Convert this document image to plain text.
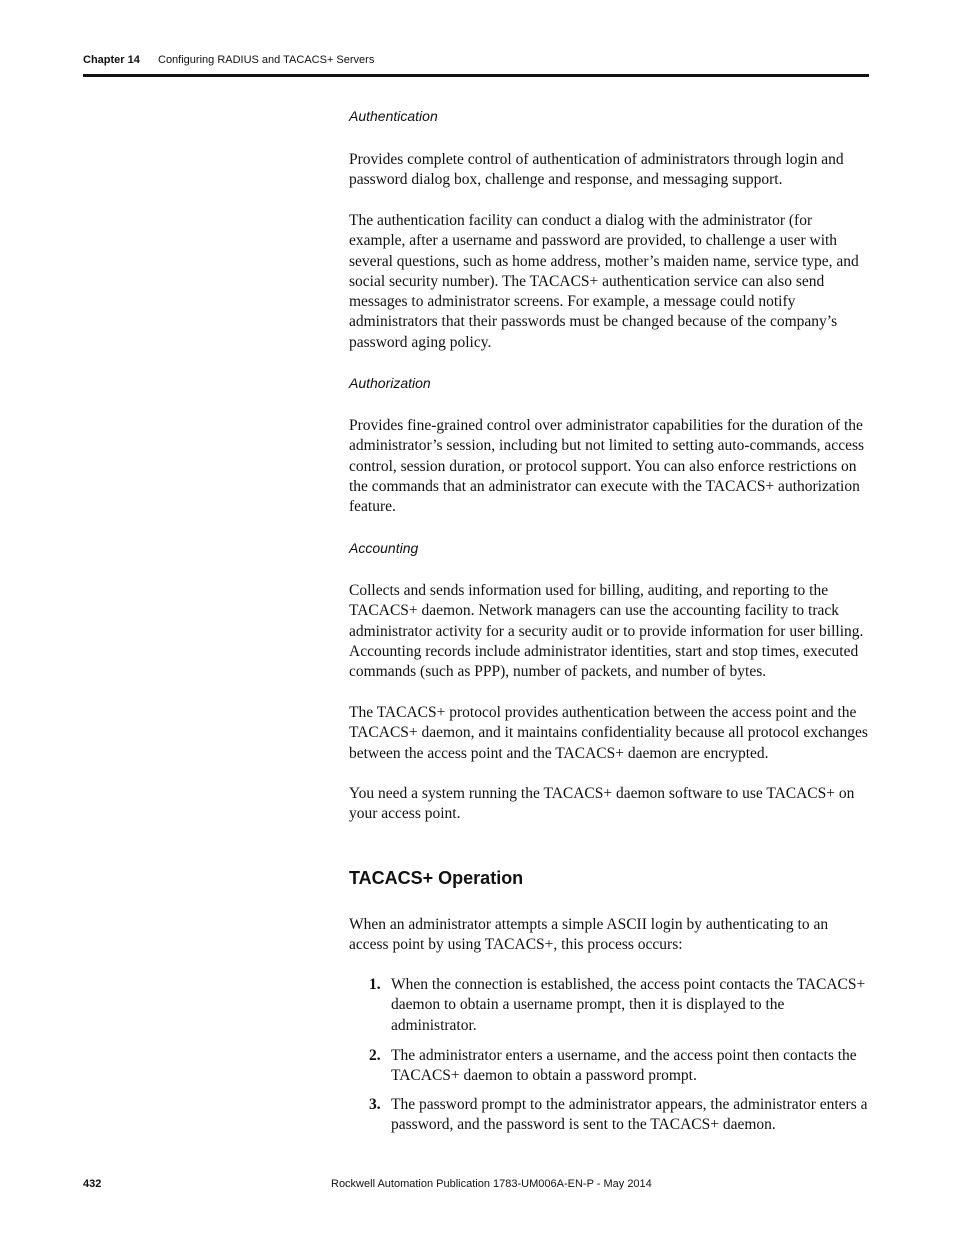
Chapter 14 Configuring RADIUS and TACACS+ Servers
Authentication

Provides complete control of authentication of administrators through login and password dialog box, challenge and response, and messaging support.

The authentication facility can conduct a dialog with the administrator (for example, after a username and password are provided, to challenge a user with several questions, such as home address, mother’s maiden name, service type, and social security number). The TACACS+ authentication service can also send messages to administrator screens. For example, a message could notify administrators that their passwords must be changed because of the company’s password aging policy.

Authorization

Provides fine-grained control over administrator capabilities for the duration of the administrator’s session, including but not limited to setting auto-commands, access control, session duration, or protocol support. You can also enforce restrictions on the commands that an administrator can execute with the TACACS+ authorization feature.

Accounting

Collects and sends information used for billing, auditing, and reporting to the TACACS+ daemon. Network managers can use the accounting facility to track administrator activity for a security audit or to provide information for user billing. Accounting records include administrator identities, start and stop times, executed commands (such as PPP), number of packets, and number of bytes.

The TACACS+ protocol provides authentication between the access point and the TACACS+ daemon, and it maintains confidentiality because all protocol exchanges between the access point and the TACACS+ daemon are encrypted.

You need a system running the TACACS+ daemon software to use TACACS+ on your access point.

TACACS+ Operation

When an administrator attempts a simple ASCII login by authenticating to an access point by using TACACS+, this process occurs:

1. When the connection is established, the access point contacts the TACACS+ daemon to obtain a username prompt, then it is displayed to the administrator.
2. The administrator enters a username, and the access point then contacts the TACACS+ daemon to obtain a password prompt.
3. The password prompt to the administrator appears, the administrator enters a password, and the password is sent to the TACACS+ daemon.
432	Rockwell Automation Publication 1783-UM006A-EN-P - May 2014
